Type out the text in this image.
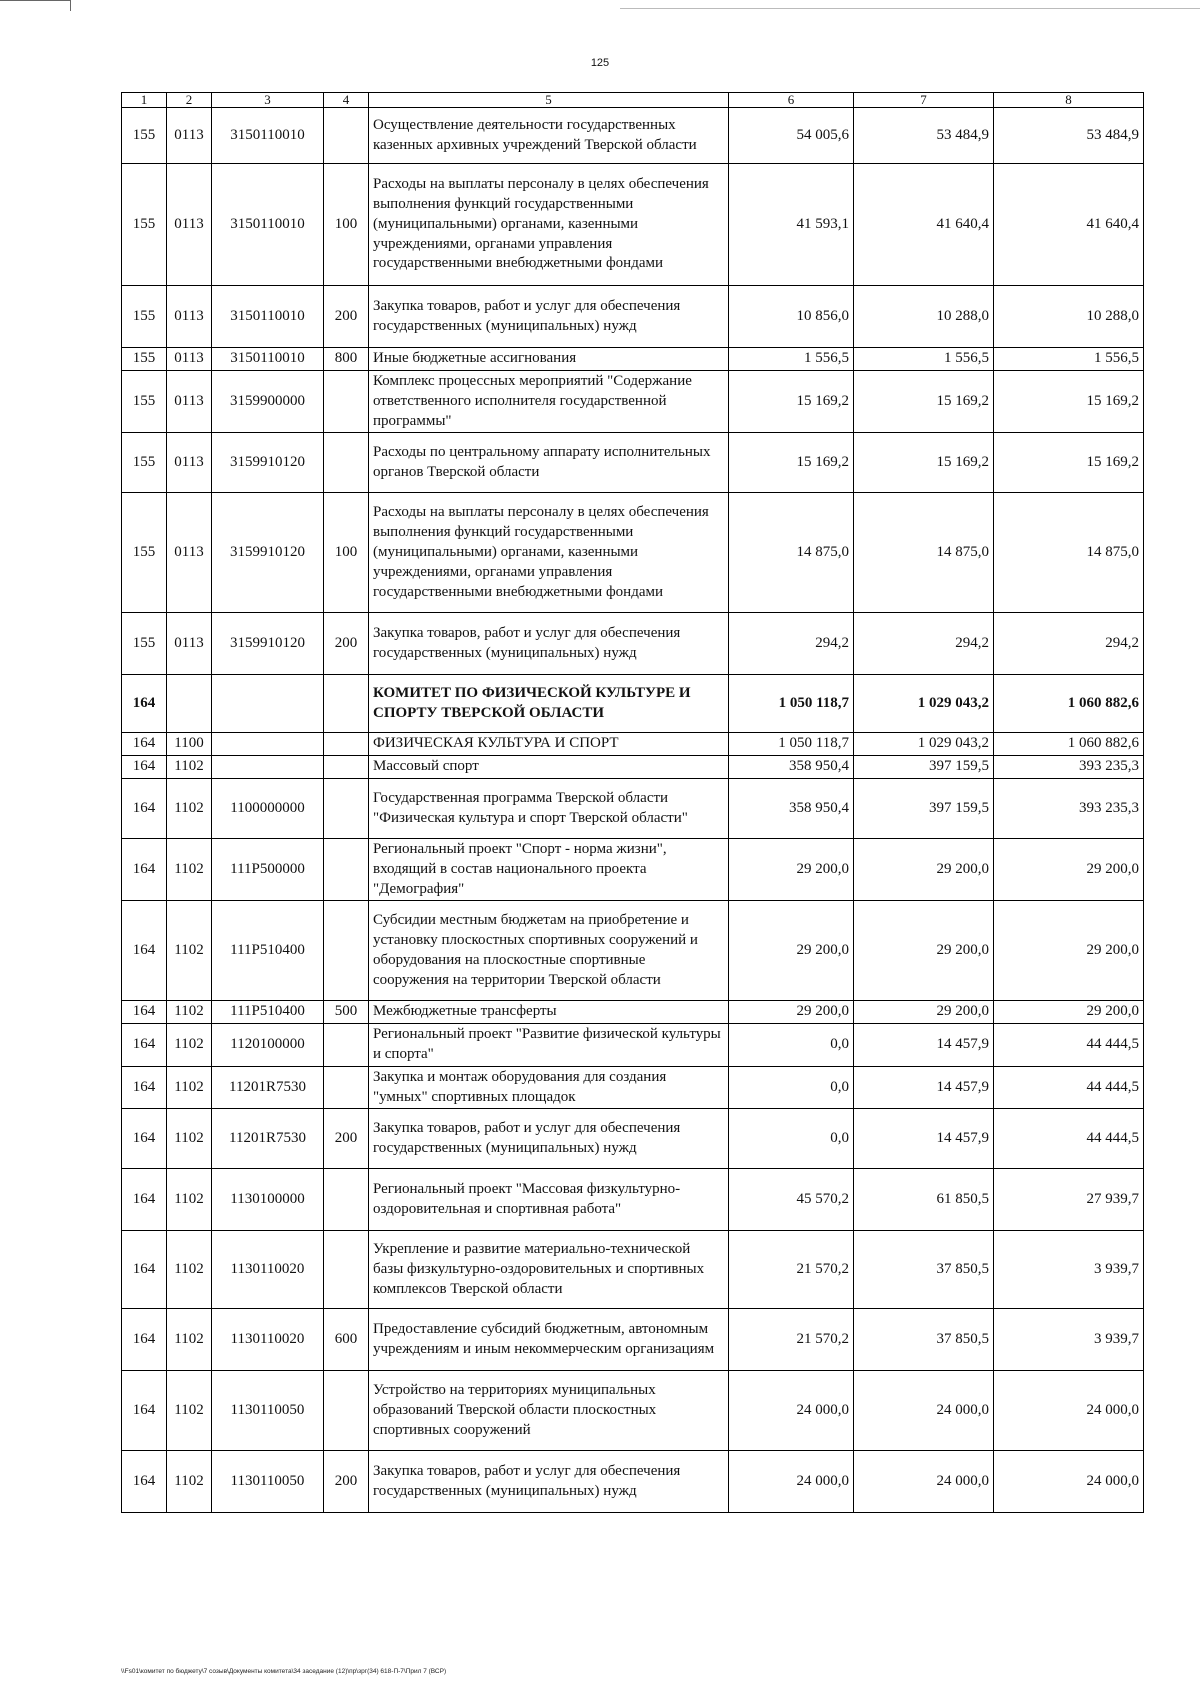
125
1	2	3	4	5	6	7	8
155	0113	3150110010		Осуществление деятельности государственных казенных архивных учреждений Тверской области	54 005,6	53 484,9	53 484,9
155	0113	3150110010	100	Расходы на выплаты персоналу в целях обеспечения выполнения функций государственными (муниципальными) органами, казенными учреждениями, органами управления государственными внебюджетными фондами	41 593,1	41 640,4	41 640,4
155	0113	3150110010	200	Закупка товаров, работ и услуг для обеспечения государственных (муниципальных) нужд	10 856,0	10 288,0	10 288,0
155	0113	3150110010	800	Иные бюджетные ассигнования	1 556,5	1 556,5	1 556,5
155	0113	3159900000		Комплекс процессных мероприятий "Содержание ответственного исполнителя государственной программы"	15 169,2	15 169,2	15 169,2
155	0113	3159910120		Расходы по центральному аппарату исполнительных органов Тверской области	15 169,2	15 169,2	15 169,2
155	0113	3159910120	100	Расходы на выплаты персоналу в целях обеспечения выполнения функций государственными (муниципальными) органами, казенными учреждениями, органами управления государственными внебюджетными фондами	14 875,0	14 875,0	14 875,0
155	0113	3159910120	200	Закупка товаров, работ и услуг для обеспечения государственных (муниципальных) нужд	294,2	294,2	294,2
164				КОМИТЕТ ПО ФИЗИЧЕСКОЙ КУЛЬТУРЕ И СПОРТУ ТВЕРСКОЙ ОБЛАСТИ	1 050 118,7	1 029 043,2	1 060 882,6
164	1100			ФИЗИЧЕСКАЯ КУЛЬТУРА И СПОРТ	1 050 118,7	1 029 043,2	1 060 882,6
164	1102			Массовый спорт	358 950,4	397 159,5	393 235,3
164	1102	1100000000		Государственная программа Тверской области "Физическая культура и спорт Тверской области"	358 950,4	397 159,5	393 235,3
164	1102	111P500000		Региональный проект "Спорт - норма жизни", входящий в состав национального проекта "Демография"	29 200,0	29 200,0	29 200,0
164	1102	111P510400		Субсидии местным бюджетам на приобретение и установку плоскостных спортивных сооружений и оборудования на плоскостные спортивные сооружения на территории Тверской области	29 200,0	29 200,0	29 200,0
164	1102	111P510400	500	Межбюджетные трансферты	29 200,0	29 200,0	29 200,0
164	1102	1120100000		Региональный проект "Развитие физической культуры и спорта"	0,0	14 457,9	44 444,5
164	1102	11201R7530		Закупка и монтаж оборудования для создания "умных" спортивных площадок	0,0	14 457,9	44 444,5
164	1102	11201R7530	200	Закупка товаров, работ и услуг для обеспечения государственных (муниципальных) нужд	0,0	14 457,9	44 444,5
164	1102	1130100000		Региональный проект "Массовая физкультурно-оздоровительная и спортивная работа"	45 570,2	61 850,5	27 939,7
164	1102	1130110020		Укрепление и развитие материально-технической базы физкультурно-оздоровительных и спортивных комплексов Тверской области	21 570,2	37 850,5	3 939,7
164	1102	1130110020	600	Предоставление субсидий бюджетным, автономным учреждениям и иным некоммерческим организациям	21 570,2	37 850,5	3 939,7
164	1102	1130110050		Устройство на территориях муниципальных образований Тверской области плоскостных спортивных сооружений	24 000,0	24 000,0	24 000,0
164	1102	1130110050	200	Закупка товаров, работ и услуг для обеспечения государственных (муниципальных) нужд	24 000,0	24 000,0	24 000,0
\\Fs01\комитет по бюджету\7 созыв\Документы комитета\34 заседание (12)\пр\зрг(34) 618-П-7\Прил 7 (ВСР)
